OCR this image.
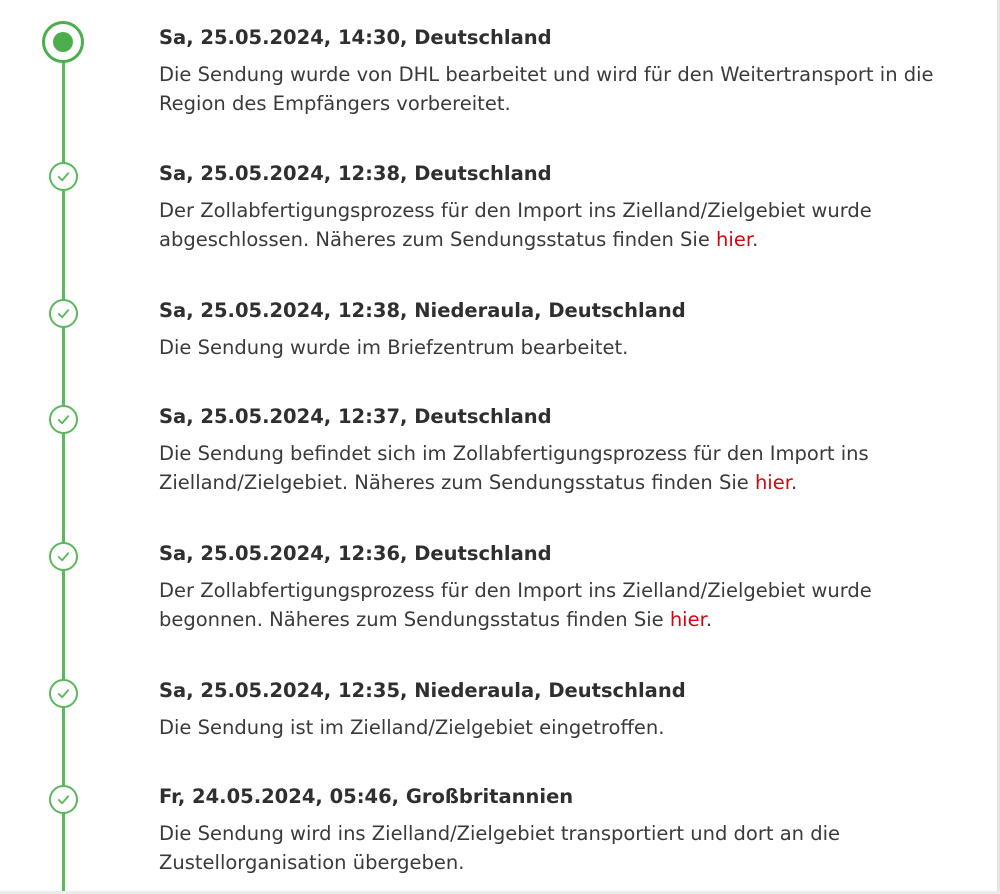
Sa, 25.05.2024, 14:30, Deutschland

Die Sendung wurde von DHL bearbeitet und wird für den Weitertransport in die Region des Empfängers vorbereitet.

Sa, 25.05.2024, 12:38, Deutschland

Der Zollabfertigungsprozess für den Import ins Zielland/Zielgebiet wurde abgeschlossen. Näheres zum Sendungsstatus finden Sie hier.

Sa, 25.05.2024, 12:38, Niederaula, Deutschland

Die Sendung wurde im Briefzentrum bearbeitet.

Sa, 25.05.2024, 12:37, Deutschland

Die Sendung befindet sich im Zollabfertigungsprozess für den Import ins Zielland/Zielgebiet. Näheres zum Sendungsstatus finden Sie hier.

Sa, 25.05.2024, 12:36, Deutschland

Der Zollabfertigungsprozess für den Import ins Zielland/Zielgebiet wurde begonnen. Näheres zum Sendungsstatus finden Sie hier.

Sa, 25.05.2024, 12:35, Niederaula, Deutschland

Die Sendung ist im Zielland/Zielgebiet eingetroffen.

Fr, 24.05.2024, 05:46, Großbritannien

Die Sendung wird ins Zielland/Zielgebiet transportiert und dort an die Zustellorganisation übergeben.
